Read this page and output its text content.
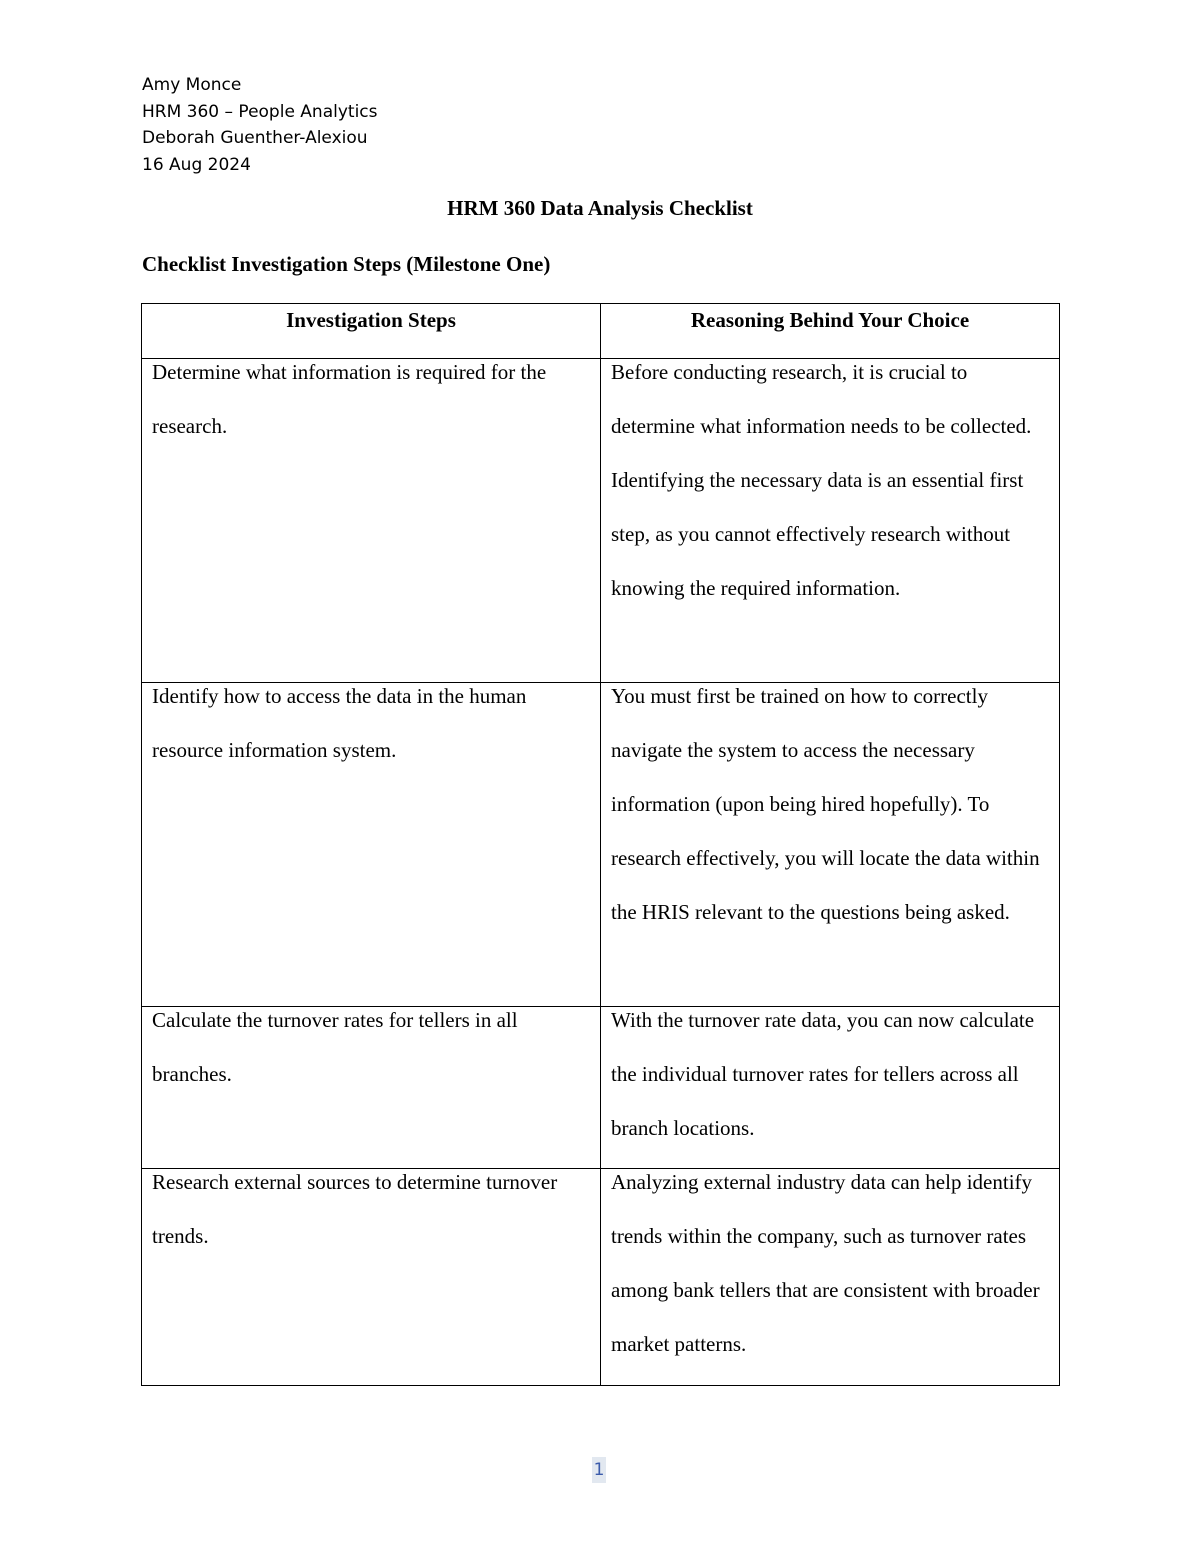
Amy Monce
HRM 360 – People Analytics
Deborah Guenther-Alexiou
16 Aug 2024
HRM 360 Data Analysis Checklist
Checklist Investigation Steps (Milestone One)
Investigation Steps	Reasoning Behind Your Choice

Determine what information is required for the research.	Before conducting research, it is crucial to determine what information needs to be collected. Identifying the necessary data is an essential first step, as you cannot effectively research without knowing the required information.

Identify how to access the data in the human resource information system.	You must first be trained on how to correctly navigate the system to access the necessary information (upon being hired hopefully). To research effectively, you will locate the data within the HRIS relevant to the questions being asked.

Calculate the turnover rates for tellers in all branches.	With the turnover rate data, you can now calculate the individual turnover rates for tellers across all branch locations.

Research external sources to determine turnover trends.	Analyzing external industry data can help identify trends within the company, such as turnover rates among bank tellers that are consistent with broader market patterns.
1
